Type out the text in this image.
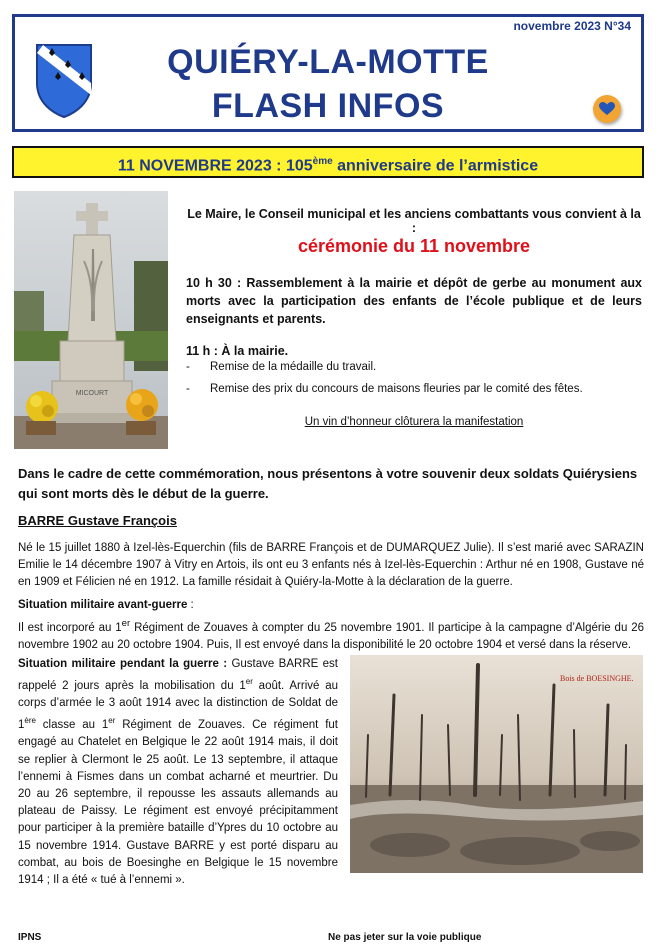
novembre 2023 N°34
QUIÉRY-LA-MOTTE
FLASH INFOS
11 NOVEMBRE 2023 : 105ème anniversaire de l’armistice
MICOURT
Le Maire, le Conseil municipal et les anciens combattants vous convient à la :
cérémonie du 11 novembre
10 h 30 : Rassemblement à la mairie et dépôt de gerbe au monument aux morts avec la participation des enfants de l’école publique et de leurs enseignants et parents.
11 h : À la mairie.
-	Remise de la médaille du travail.
-	Remise des prix du concours de maisons fleuries par le comité des fêtes.
Un vin d’honneur clôturera la manifestation
Dans le cadre de cette commémoration, nous présentons à votre souvenir deux soldats Quiérysiens qui sont morts dès le début de la guerre.
BARRE Gustave François
Né le 15 juillet 1880 à Izel-lès-Equerchin (fils de BARRE François et de DUMARQUEZ Julie). Il s’est marié avec SARAZIN Emilie le 14 décembre 1907 à Vitry en Artois, ils ont eu 3 enfants nés à Izel-lès-Equerchin : Arthur né en 1908, Gustave né en 1909 et Félicien né en 1912. La famille résidait à Quiéry-la-Motte à la déclaration de la guerre.
Situation militaire avant-guerre :
Il est incorporé au 1er Régiment de Zouaves à compter du 25 novembre 1901. Il participe à la campagne d’Algérie du 26 novembre 1902 au 20 octobre 1904. Puis, Il est envoyé dans la disponibilité le 20 octobre 1904 et versé dans la réserve.
Situation militaire pendant la guerre : Gustave BARRE est rappelé 2 jours après la mobilisation du 1er août. Arrivé au corps d’armée le 3 août 1914 avec la distinction de Soldat de 1ère classe au 1er Régiment de Zouaves. Ce régiment fut engagé au Chatelet en Belgique le 22 août 1914 mais, il doit se replier à Clermont le 25 août. Le 13 septembre, il attaque l’ennemi à Fismes dans un combat acharné et meurtrier. Du 20 au 26 septembre, il repousse les assauts allemands au plateau de Paissy. Le régiment est envoyé précipitamment pour participer à la première bataille d’Ypres du 10 octobre au 15 novembre 1914. Gustave BARRE y est porté disparu au combat, au bois de Boesinghe en Belgique le 15 novembre 1914 ; Il a été « tué à l’ennemi ».
Bois de BOESINGHE.
IPNS	Ne pas jeter sur la voie publique
